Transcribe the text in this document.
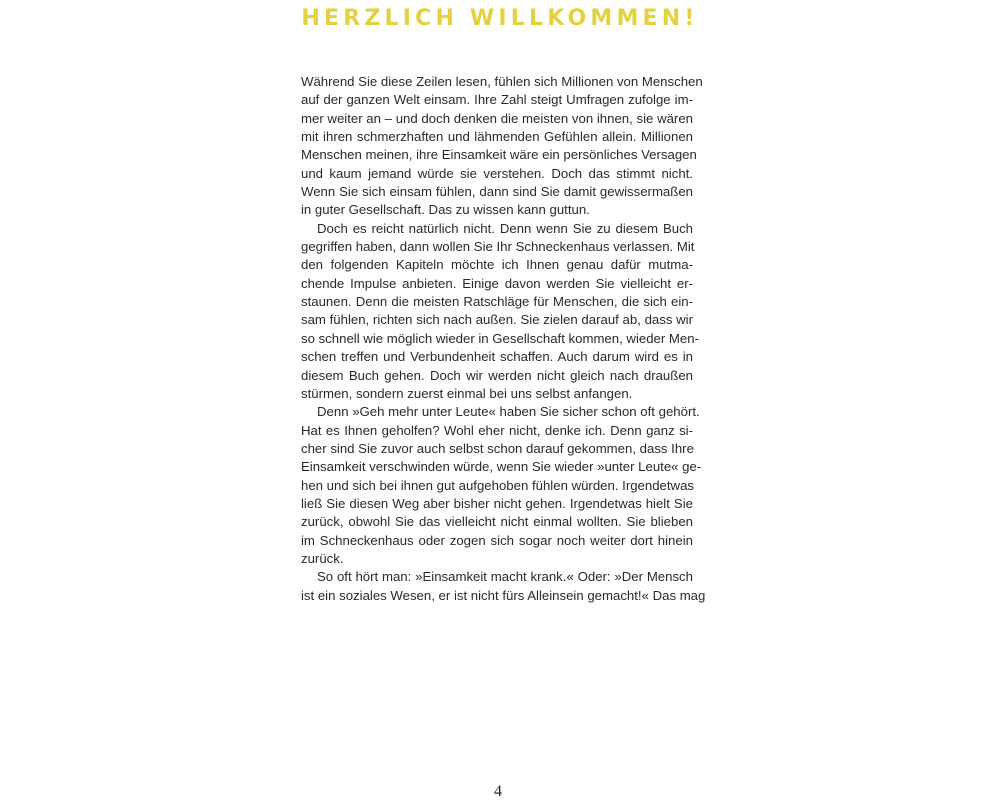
HERZLICH WILLKOMMEN!
Während Sie diese Zeilen lesen, fühlen sich Millionen von Menschen
auf der ganzen Welt einsam. Ihre Zahl steigt Umfragen zufolge im-
mer weiter an – und doch denken die meisten von ihnen, sie wären
mit ihren schmerzhaften und lähmenden Gefühlen allein. Millionen
Menschen meinen, ihre Einsamkeit wäre ein persönliches Versagen
und kaum jemand würde sie verstehen. Doch das stimmt nicht.
Wenn Sie sich einsam fühlen, dann sind Sie damit gewissermaßen
in guter Gesellschaft. Das zu wissen kann guttun.
Doch es reicht natürlich nicht. Denn wenn Sie zu diesem Buch
gegriffen haben, dann wollen Sie Ihr Schneckenhaus verlassen. Mit
den folgenden Kapiteln möchte ich Ihnen genau dafür mutma-
chende Impulse anbieten. Einige davon werden Sie vielleicht er-
staunen. Denn die meisten Ratschläge für Menschen, die sich ein-
sam fühlen, richten sich nach außen. Sie zielen darauf ab, dass wir
so schnell wie möglich wieder in Gesellschaft kommen, wieder Men-
schen treffen und Verbundenheit schaffen. Auch darum wird es in
diesem Buch gehen. Doch wir werden nicht gleich nach draußen
stürmen, sondern zuerst einmal bei uns selbst anfangen.
Denn »Geh mehr unter Leute« haben Sie sicher schon oft gehört.
Hat es Ihnen geholfen? Wohl eher nicht, denke ich. Denn ganz si-
cher sind Sie zuvor auch selbst schon darauf gekommen, dass Ihre
Einsamkeit verschwinden würde, wenn Sie wieder »unter Leute« ge-
hen und sich bei ihnen gut aufgehoben fühlen würden. Irgendetwas
ließ Sie diesen Weg aber bisher nicht gehen. Irgendetwas hielt Sie
zurück, obwohl Sie das vielleicht nicht einmal wollten. Sie blieben
im Schneckenhaus oder zogen sich sogar noch weiter dort hinein
zurück.
So oft hört man: »Einsamkeit macht krank.« Oder: »Der Mensch
ist ein soziales Wesen, er ist nicht fürs Alleinsein gemacht!« Das mag
4
